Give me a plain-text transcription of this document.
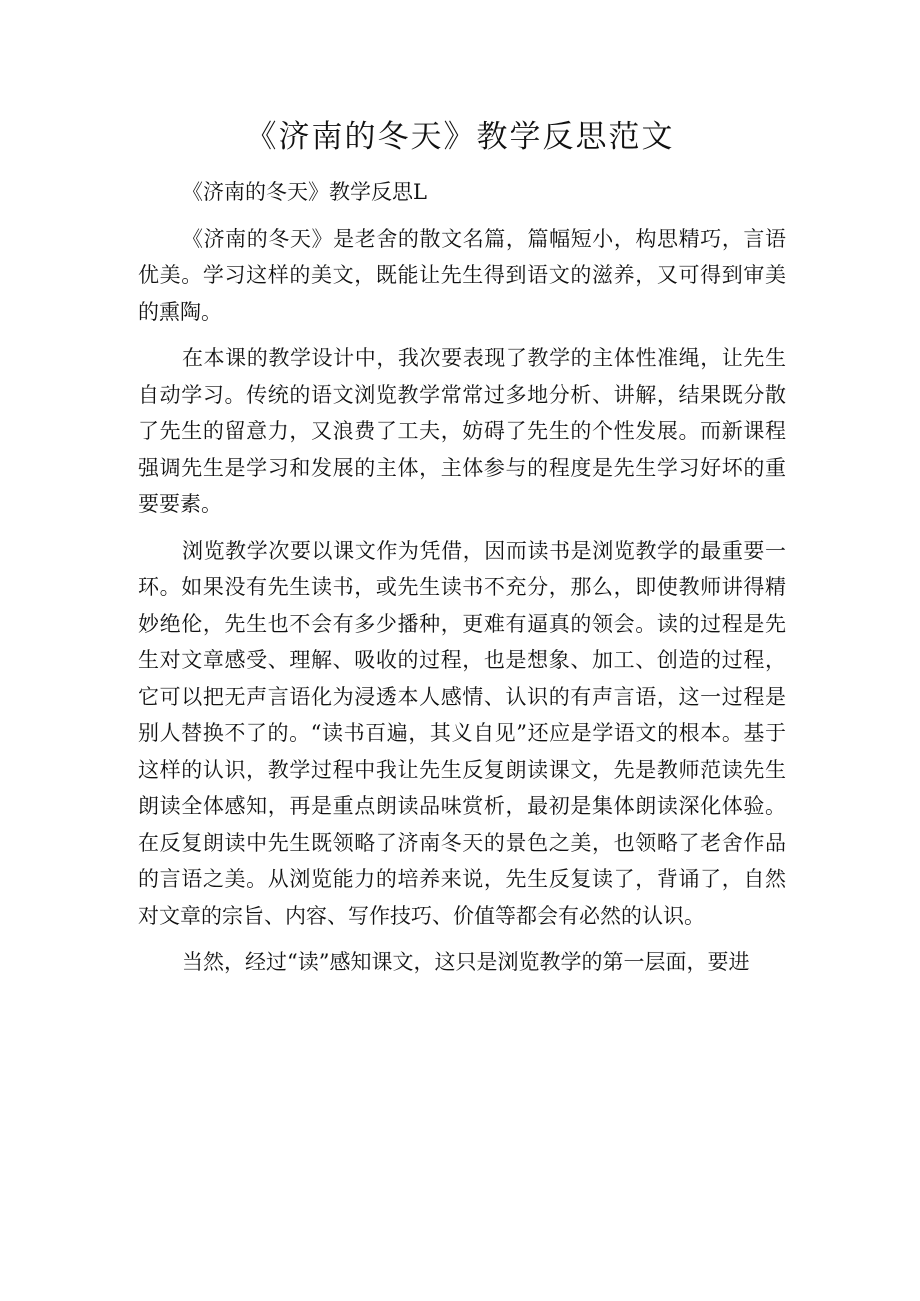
《济南的冬天》教学反思范文

《济南的冬天》教学反思L

《济南的冬天》是老舍的散文名篇，篇幅短小，构思精巧，言语优美。学习这样的美文，既能让先生得到语文的滋养，又可得到审美的熏陶。

在本课的教学设计中，我次要表现了教学的主体性准绳，让先生自动学习。传统的语文浏览教学常常过多地分析、讲解，结果既分散了先生的留意力，又浪费了工夫，妨碍了先生的个性发展。而新课程强调先生是学习和发展的主体，主体参与的程度是先生学习好坏的重要要素。

浏览教学次要以课文作为凭借，因而读书是浏览教学的最重要一环。如果没有先生读书，或先生读书不充分，那么，即使教师讲得精妙绝伦，先生也不会有多少播种，更难有逼真的领会。读的过程是先生对文章感受、理解、吸收的过程，也是想象、加工、创造的过程，它可以把无声言语化为浸透本人感情、认识的有声言语，这一过程是别人替换不了的。“读书百遍，其义自见”还应是学语文的根本。基于这样的认识，教学过程中我让先生反复朗读课文，先是教师范读先生朗读全体感知，再是重点朗读品味赏析，最初是集体朗读深化体验。在反复朗读中先生既领略了济南冬天的景色之美，也领略了老舍作品的言语之美。从浏览能力的培养来说，先生反复读了，背诵了，自然对文章的宗旨、内容、写作技巧、价值等都会有必然的认识。

当然，经过“读”感知课文，这只是浏览教学的第一层面，要进
